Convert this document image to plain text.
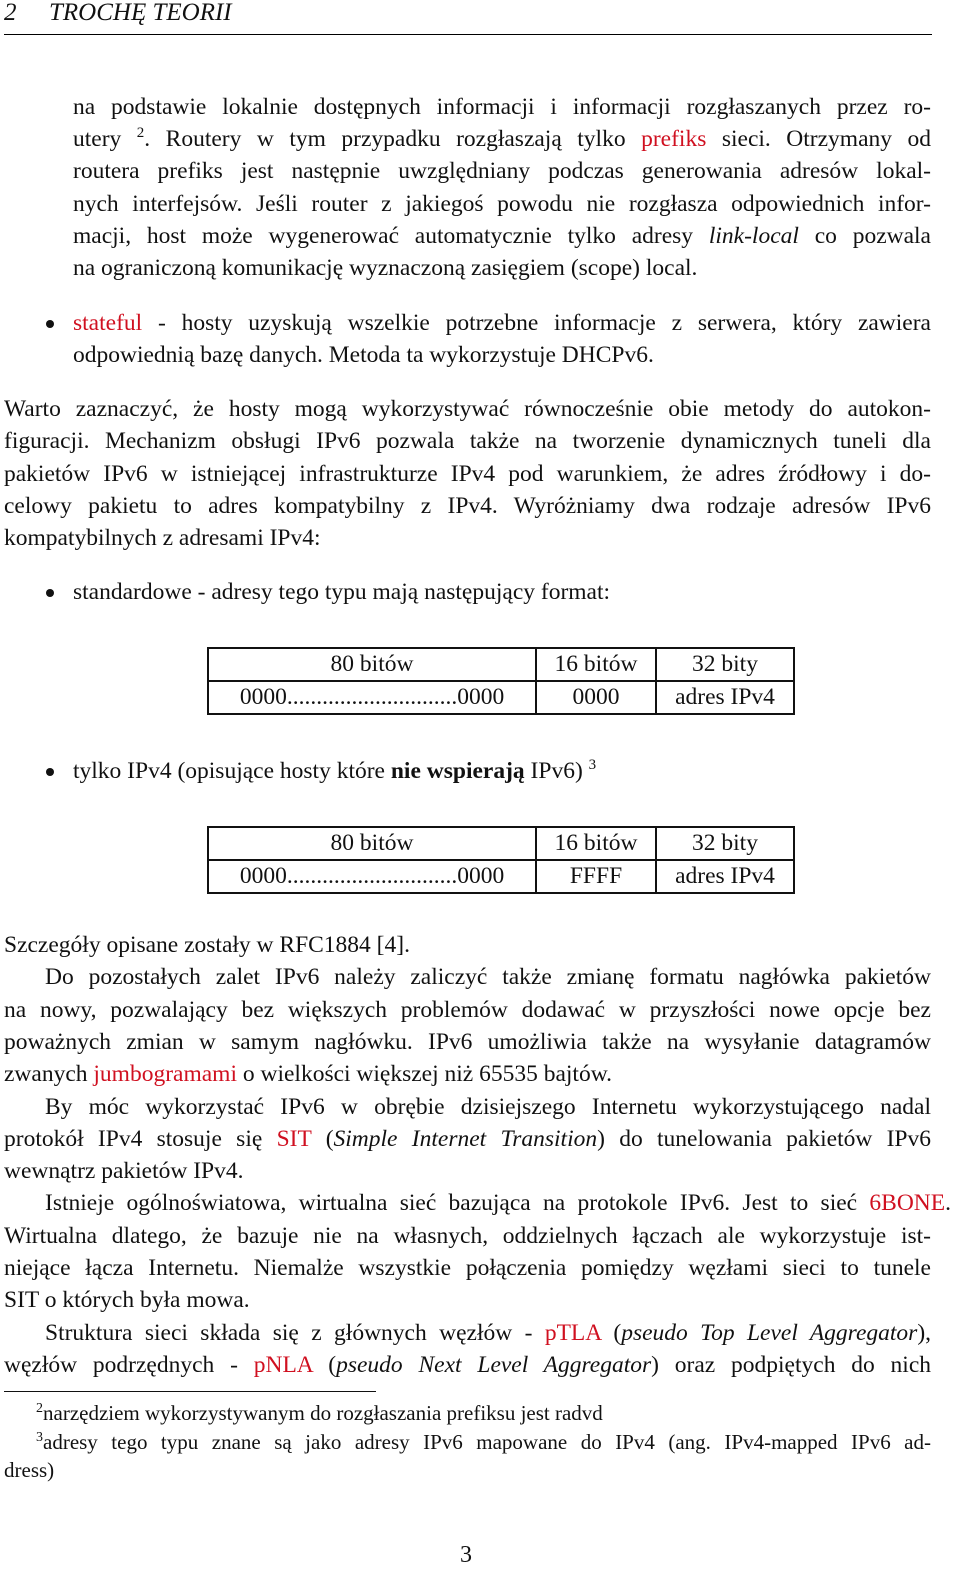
2 TROCHĘ TEORII
na podstawie lokalnie dostępnych informacji i informacji rozgłaszanych przez ro-
utery $^2$. Routery w tym przypadku rozgłaszają tylko prefiks sieci. Otrzymany od
routera prefiks jest następnie uwzględniany podczas generowania adresów lokal-
nych interfejsów. Jeśli router z jakiegoś powodu nie rozgłasza odpowiednich infor-
macji, host może wygenerować automatycznie tylko adresy link-local co pozwala
na ograniczoną komunikację wyznaczoną zasięgiem (scope) local.
stateful - hosty uzyskują wszelkie potrzebne informacje z serwera, który zawiera
odpowiednią bazę danych. Metoda ta wykorzystuje DHCPv6.
Warto zaznaczyć, że hosty mogą wykorzystywać równocześnie obie metody do autokon-
figuracji. Mechanizm obsługi IPv6 pozwala także na tworzenie dynamicznych tuneli dla
pakietów IPv6 w istniejącej infrastrukturze IPv4 pod warunkiem, że adres źródłowy i do-
celowy pakietu to adres kompatybilny z IPv4. Wyróżniamy dwa rodzaje adresów IPv6
kompatybilnych z adresami IPv4:
standardowe - adresy tego typu mają następujący format:
80 bitów	16 bitów	32 bity
0000.............................0000	0000	adres IPv4
tylko IPv4 (opisujące hosty które nie wspierają IPv6) $^3$
80 bitów	16 bitów	32 bity
0000.............................0000	FFFF	adres IPv4
Szczegóły opisane zostały w RFC1884 [4].
Do pozostałych zalet IPv6 należy zaliczyć także zmianę formatu nagłówka pakietów
na nowy, pozwalający bez większych problemów dodawać w przyszłości nowe opcje bez
poważnych zmian w samym nagłówku. IPv6 umożliwia także na wysyłanie datagramów
zwanych jumbogramami o wielkości większej niż 65535 bajtów.
By móc wykorzystać IPv6 w obrębie dzisiejszego Internetu wykorzystującego nadal
protokół IPv4 stosuje się SIT (Simple Internet Transition) do tunelowania pakietów IPv6
wewnątrz pakietów IPv4.
Istnieje ogólnoświatowa, wirtualna sieć bazująca na protokole IPv6. Jest to sieć 6BONE.
Wirtualna dlatego, że bazuje nie na własnych, oddzielnych łączach ale wykorzystuje ist-
niejące łącza Internetu. Niemalże wszystkie połączenia pomiędzy węzłami sieci to tunele
SIT o których była mowa.
Struktura sieci składa się z głównych węzłów - pTLA (pseudo Top Level Aggregator),
węzłów podrzędnych - pNLA (pseudo Next Level Aggregator) oraz podpiętych do nich
$^2$narzędziem wykorzystywanym do rozgłaszania prefiksu jest radvd
$^3$adresy tego typu znane są jako adresy IPv6 mapowane do IPv4 (ang. IPv4-mapped IPv6 ad-
dress)
3
